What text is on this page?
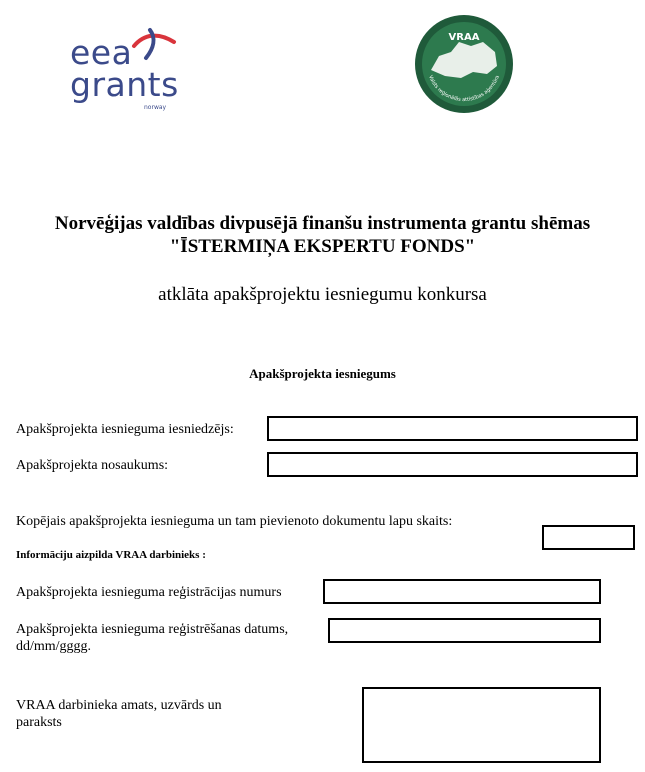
eea
grants
norway
VRAA
Valsts reģionālās attīstības aģentūra
Norvēģijas valdības divpusējā finanšu instrumenta grantu shēmas
"ĪSTERMIŅA EKSPERTU FONDS"
atklāta apakšprojektu iesniegumu konkursa
Apakšprojekta iesniegums
Apakšprojekta iesnieguma iesniedzējs:
Apakšprojekta nosaukums:
Kopējais apakšprojekta iesnieguma un tam pievienoto dokumentu lapu skaits:
Informāciju aizpilda VRAA darbinieks :
Apakšprojekta iesnieguma reģistrācijas numurs
Apakšprojekta iesnieguma reģistrēšanas datums,
dd/mm/gggg.
VRAA darbinieka amats, uzvārds un
paraksts
